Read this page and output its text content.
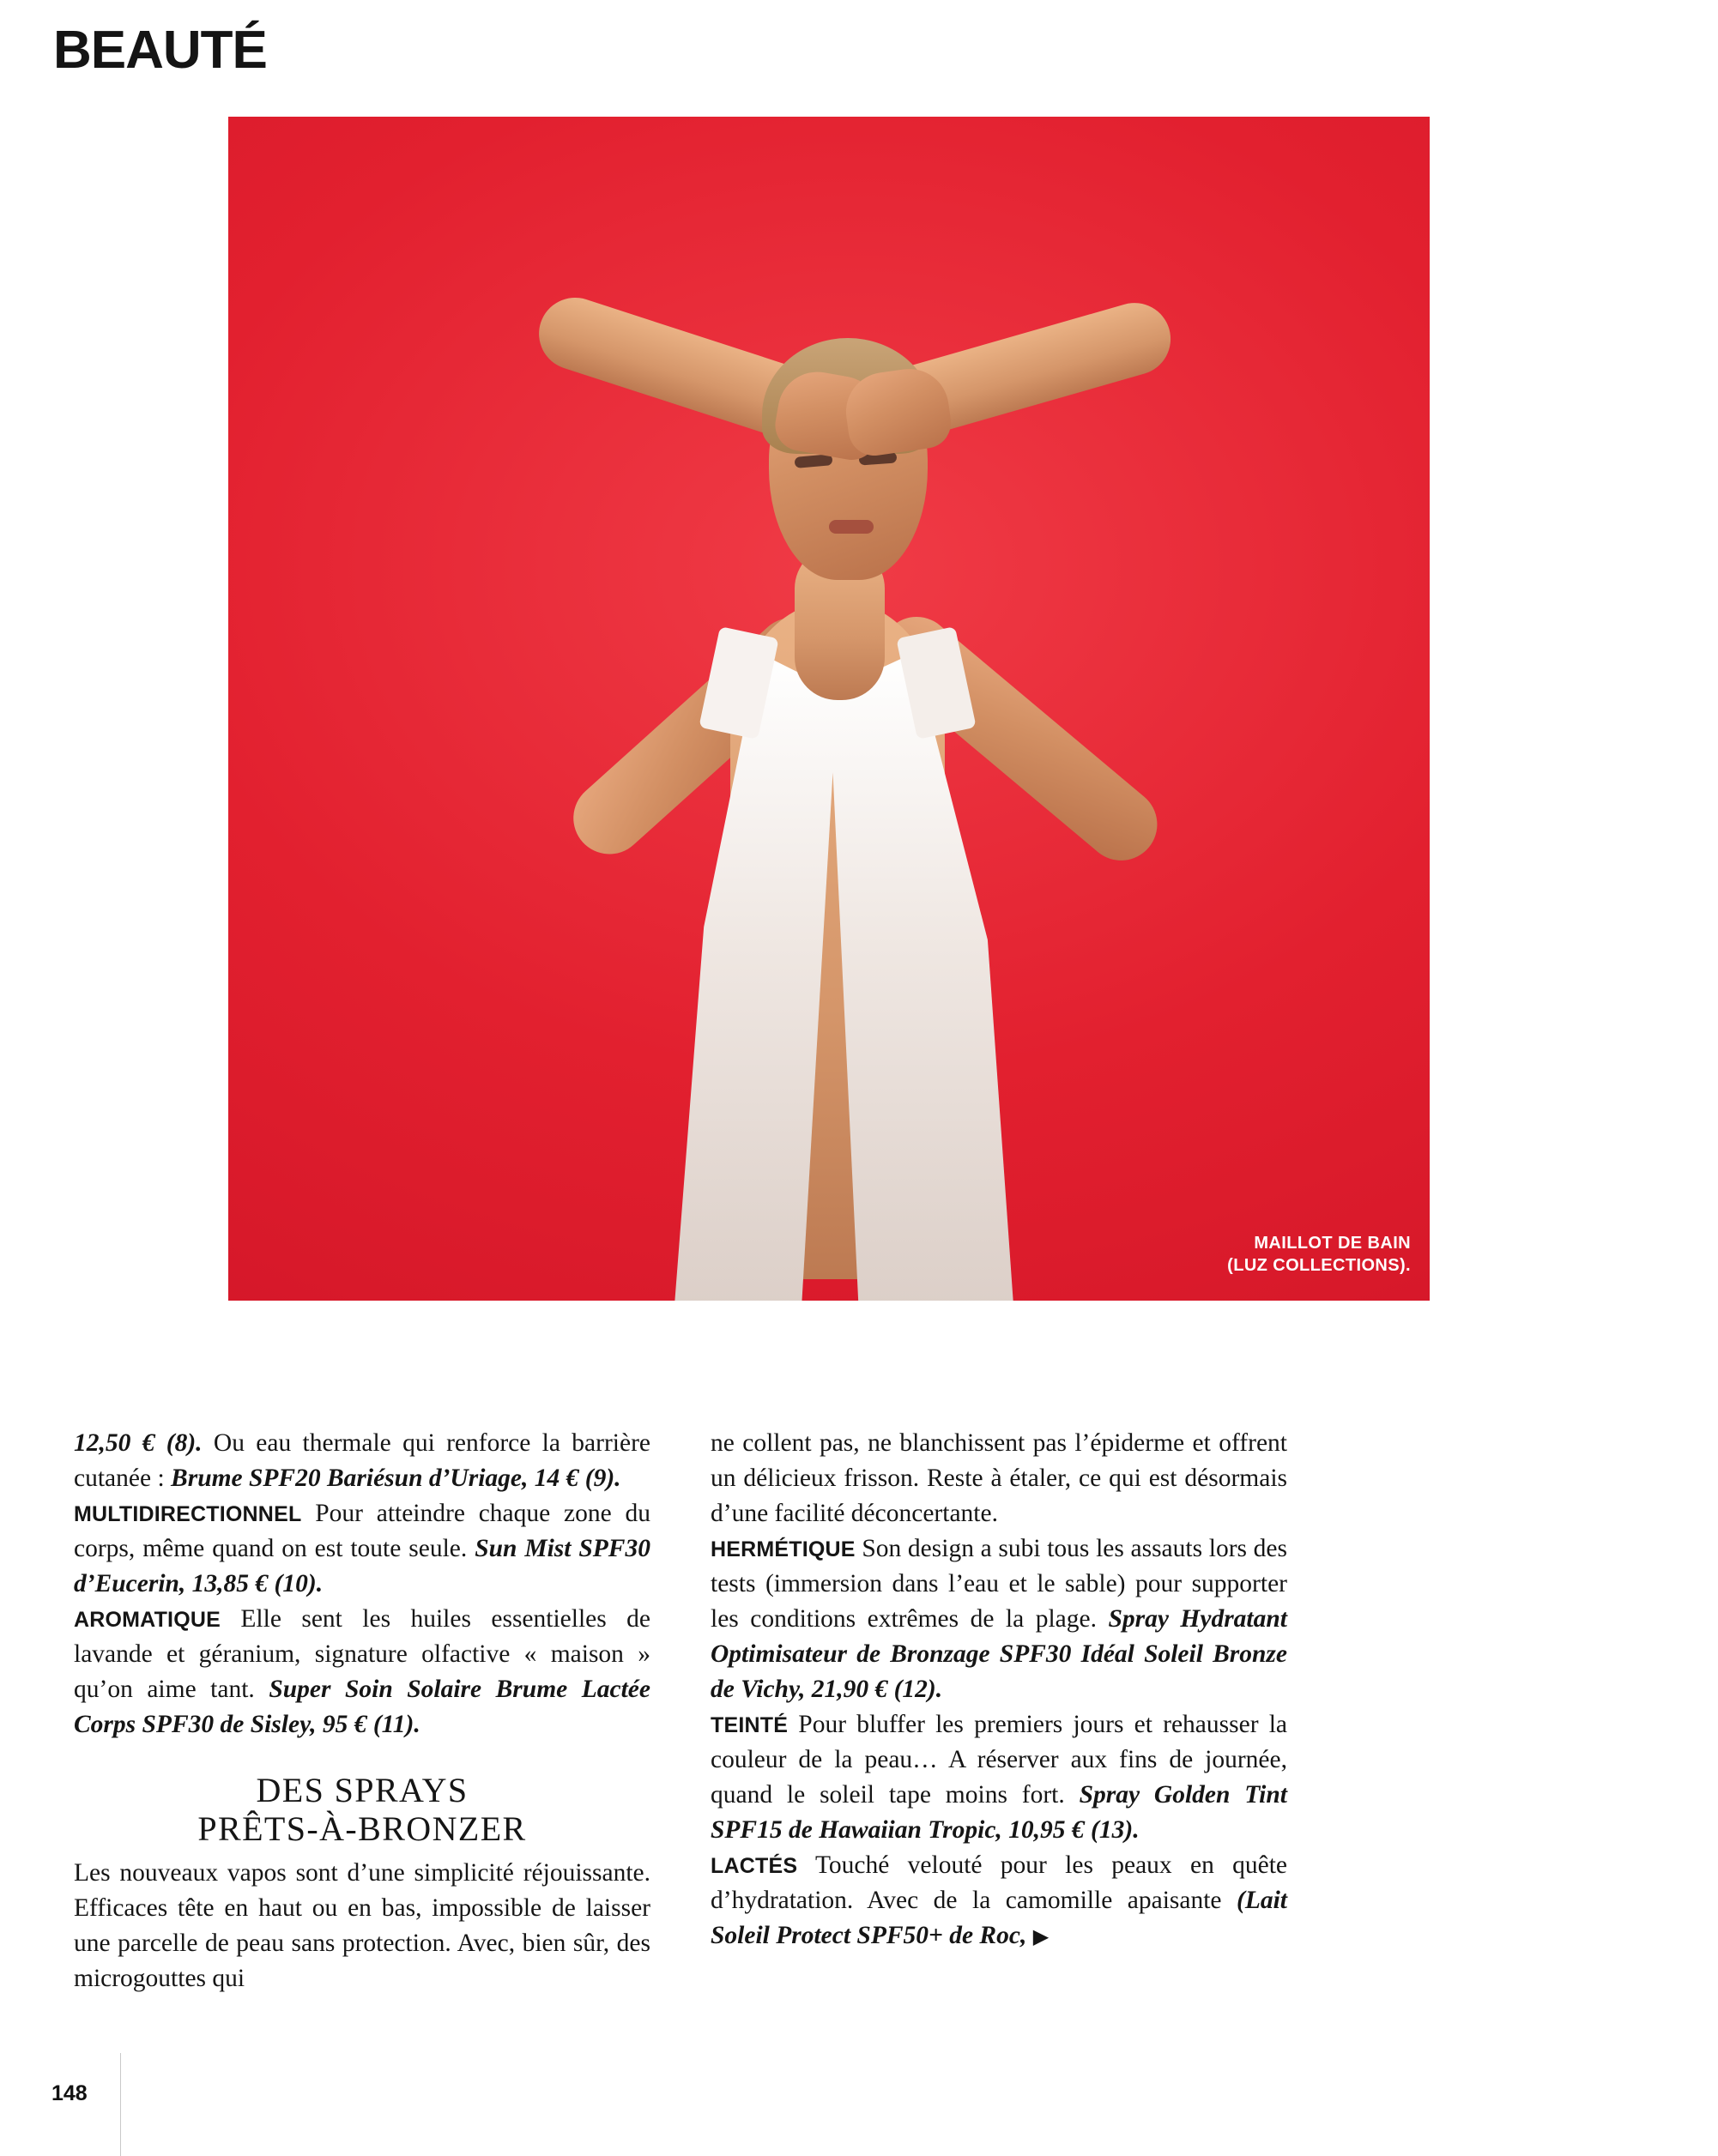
BEAUTÉ
MAILLOT DE BAIN
(LUZ COLLECTIONS).

12,50 € (8). Ou eau thermale qui renforce la barrière cutanée : Brume SPF20 Bariésun d’Uriage, 14 € (9).

MULTIDIRECTIONNEL Pour atteindre chaque zone du corps, même quand on est toute seule. Sun Mist SPF30 d’Eucerin, 13,85 € (10).

AROMATIQUE Elle sent les huiles essentielles de lavande et géranium, signature olfactive « maison » qu’on aime tant. Super Soin Solaire Brume Lactée Corps SPF30 de Sisley, 95 € (11).

DES SPRAYS
PRÊTS-À-BRONZER

Les nouveaux vapos sont d’une simplicité réjouissante. Efficaces tête en haut ou en bas, impossible de laisser une parcelle de peau sans protection. Avec, bien sûr, des microgouttes qui

ne collent pas, ne blanchissent pas l’épiderme et offrent un délicieux frisson. Reste à étaler, ce qui est désormais d’une facilité déconcertante.

HERMÉTIQUE Son design a subi tous les assauts lors des tests (immersion dans l’eau et le sable) pour supporter les conditions extrêmes de la plage. Spray Hydratant Optimisateur de Bronzage SPF30 Idéal Soleil Bronze de Vichy, 21,90 € (12).

TEINTÉ Pour bluffer les premiers jours et rehausser la couleur de la peau… A réserver aux fins de journée, quand le soleil tape moins fort. Spray Golden Tint SPF15 de Hawaiian Tropic, 10,95 € (13).

LACTÉS Touché velouté pour les peaux en quête d’hydratation. Avec de la camomille apaisante (Lait Soleil Protect SPF50+ de Roc, ▶

148
